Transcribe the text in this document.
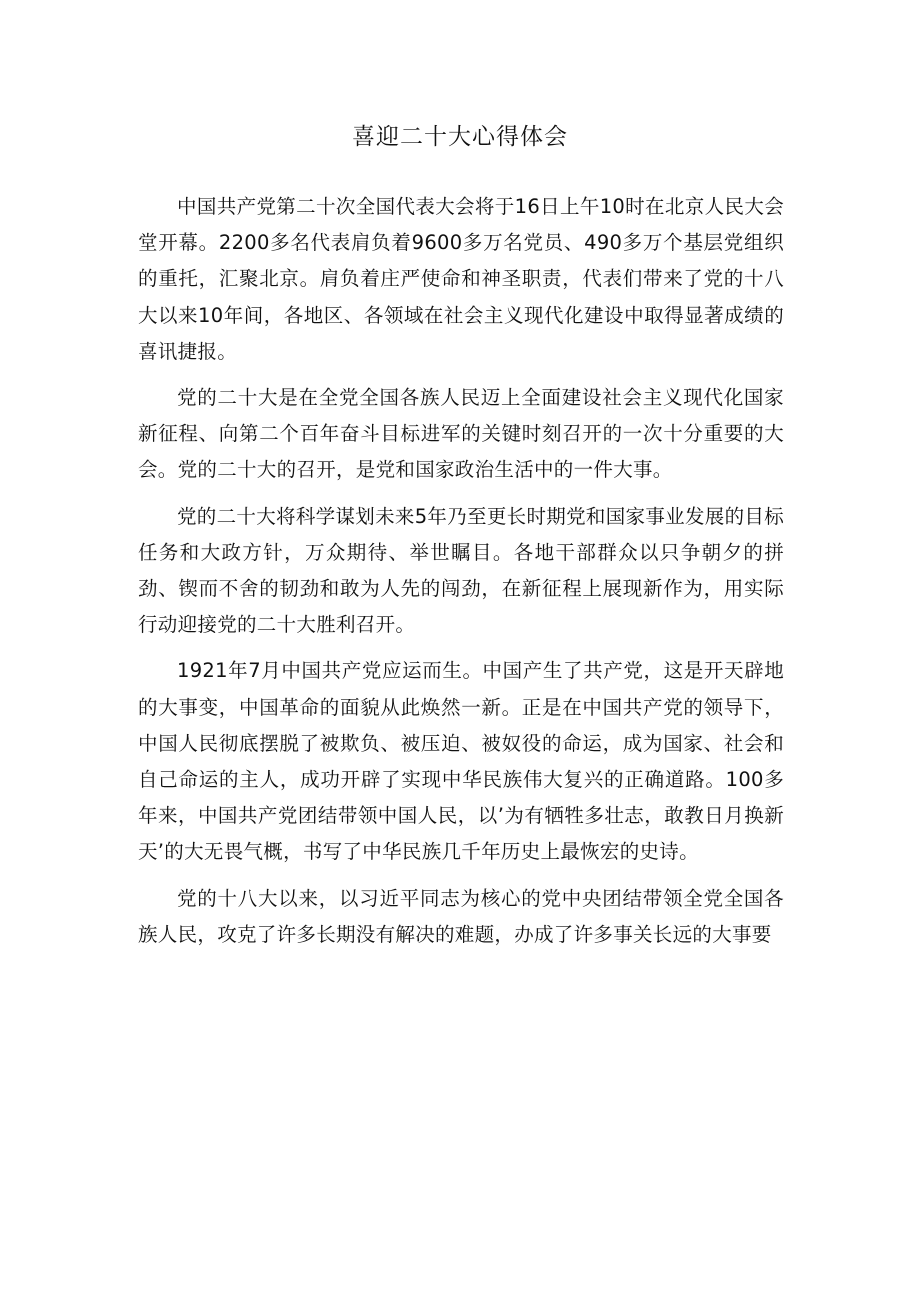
喜迎二十大心得体会

中国共产党第二十次全国代表大会将于16日上午10时在北京人民大会堂开幕。2200多名代表肩负着9600多万名党员、490多万个基层党组织的重托，汇聚北京。肩负着庄严使命和神圣职责，代表们带来了党的十八大以来10年间，各地区、各领域在社会主义现代化建设中取得显著成绩的喜讯捷报。

党的二十大是在全党全国各族人民迈上全面建设社会主义现代化国家新征程、向第二个百年奋斗目标进军的关键时刻召开的一次十分重要的大会。党的二十大的召开，是党和国家政治生活中的一件大事。

党的二十大将科学谋划未来5年乃至更长时期党和国家事业发展的目标任务和大政方针，万众期待、举世瞩目。各地干部群众以只争朝夕的拼劲、锲而不舍的韧劲和敢为人先的闯劲，在新征程上展现新作为，用实际行动迎接党的二十大胜利召开。

1921年7月中国共产党应运而生。中国产生了共产党，这是开天辟地的大事变，中国革命的面貌从此焕然一新。正是在中国共产党的领导下，中国人民彻底摆脱了被欺负、被压迫、被奴役的命运，成为国家、社会和自己命运的主人，成功开辟了实现中华民族伟大复兴的正确道路。100多年来，中国共产党团结带领中国人民，以’为有牺牲多壮志，敢教日月换新天’的大无畏气概，书写了中华民族几千年历史上最恢宏的史诗。

党的十八大以来，以习近平同志为核心的党中央团结带领全党全国各族人民，攻克了许多长期没有解决的难题，办成了许多事关长远的大事要
